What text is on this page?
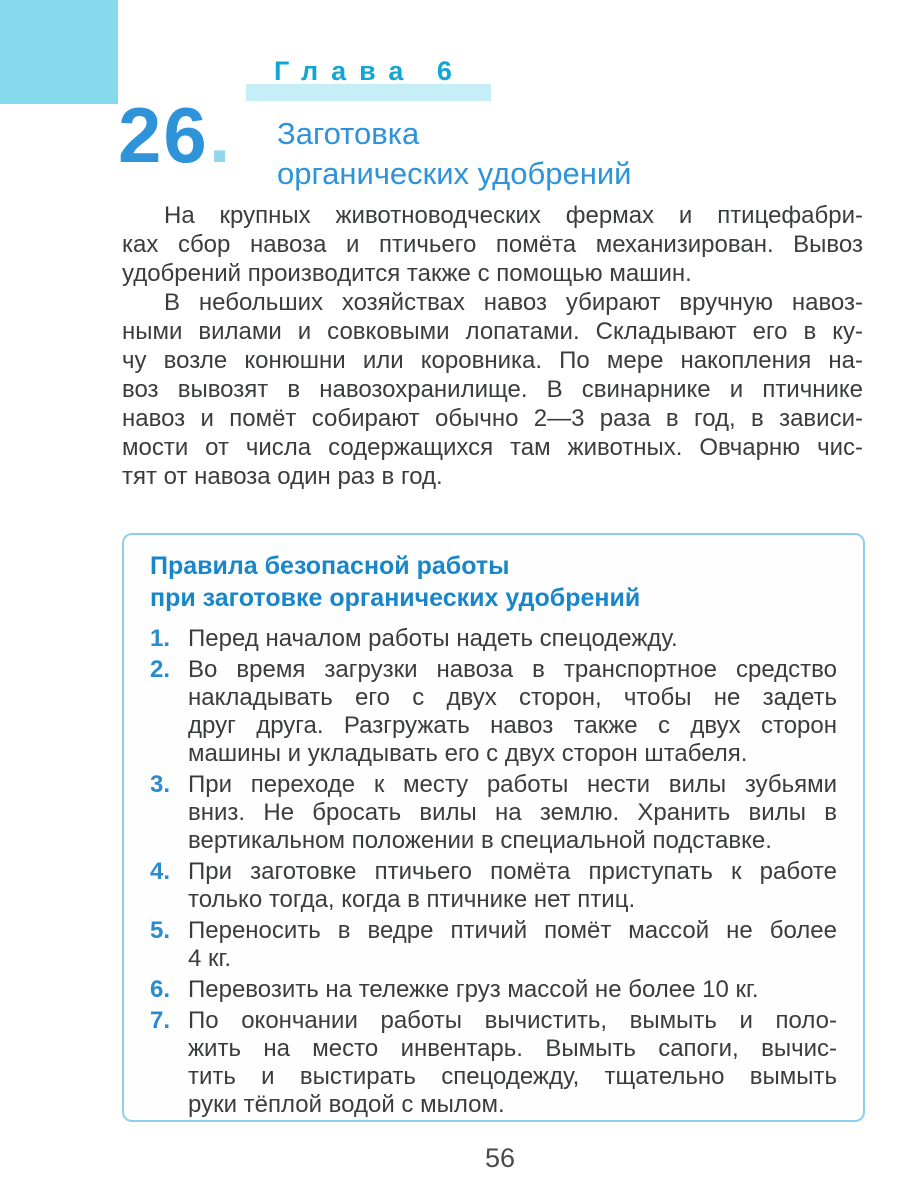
Глава 6
26. Заготовка
органических удобрений
На крупных животноводческих фермах и птицефабри-
ках сбор навоза и птичьего помёта механизирован. Вывоз
удобрений производится также с помощью машин.
В небольших хозяйствах навоз убирают вручную навоз-
ными вилами и совковыми лопатами. Складывают его в ку-
чу возле конюшни или коровника. По мере накопления на-
воз вывозят в навозохранилище. В свинарнике и птичнике
навоз и помёт собирают обычно 2—3 раза в год, в зависи-
мости от числа содержащихся там животных. Овчарню чис-
тят от навоза один раз в год.
Правила безопасной работы
при заготовке органических удобрений
1. Перед началом работы надеть спецодежду.
2. Во время загрузки навоза в транспортное средство
накладывать его с двух сторон, чтобы не задеть
друг друга. Разгружать навоз также с двух сторон
машины и укладывать его с двух сторон штабеля.
3. При переходе к месту работы нести вилы зубьями
вниз. Не бросать вилы на землю. Хранить вилы в
вертикальном положении в специальной подставке.
4. При заготовке птичьего помёта приступать к работе
только тогда, когда в птичнике нет птиц.
5. Переносить в ведре птичий помёт массой не более
4 кг.
6. Перевозить на тележке груз массой не более 10 кг.
7. По окончании работы вычистить, вымыть и поло-
жить на место инвентарь. Вымыть сапоги, вычис-
тить и выстирать спецодежду, тщательно вымыть
руки тёплой водой с мылом.
56
